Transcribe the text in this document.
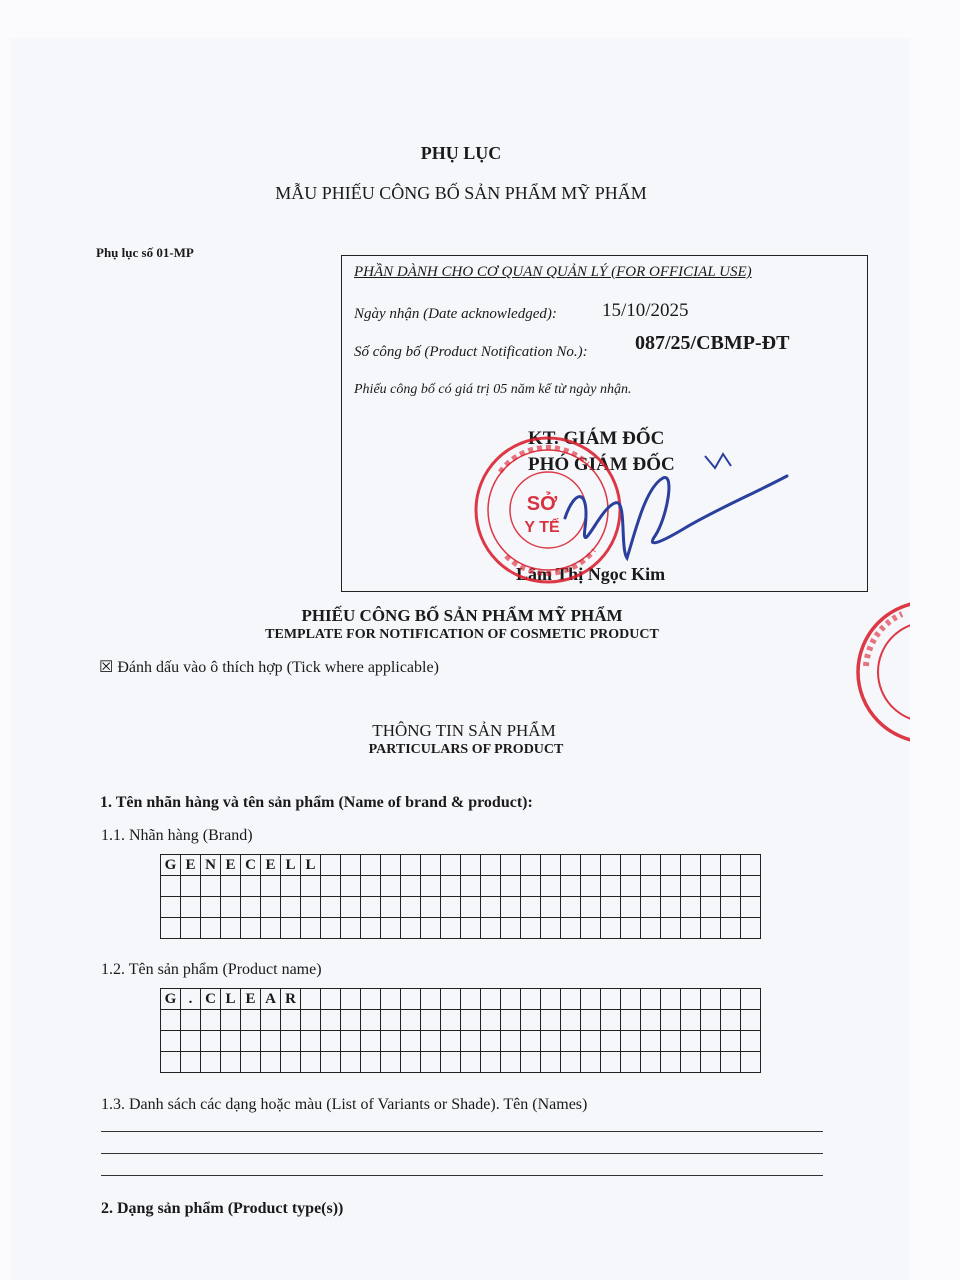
PHỤ LỤC
MẪU PHIẾU CÔNG BỐ SẢN PHẨM MỸ PHẨM
Phụ lục số 01-MP
PHẦN DÀNH CHO CƠ QUAN QUẢN LÝ (FOR OFFICIAL USE)
Ngày nhận (Date acknowledged): 15/10/2025
Số công bố (Product Notification No.): 087/25/CBMP-ĐT
Phiếu công bố có giá trị 05 năm kể từ ngày nhận.
KT. GIÁM ĐỐC
PHÓ GIÁM ĐỐC
Lâm Thị Ngọc Kim
SỞ
Y TẾ
PHIẾU CÔNG BỐ SẢN PHẨM MỸ PHẨM
TEMPLATE FOR NOTIFICATION OF COSMETIC PRODUCT
☒ Đánh dấu vào ô thích hợp (Tick where applicable)
THÔNG TIN SẢN PHẨM
PARTICULARS OF PRODUCT
1. Tên nhãn hàng và tên sản phẩm (Name of brand & product):
1.1. Nhãn hàng (Brand)
G	E	N	E	C	E	L	L																						

1.2. Tên sản phẩm (Product name)
G	.	C	L	E	A	R																							

1.3. Danh sách các dạng hoặc màu (List of Variants or Shade). Tên (Names)
2. Dạng sản phẩm (Product type(s))
